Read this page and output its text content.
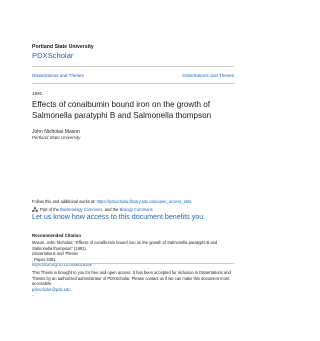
Portland State University
PDXScholar
Dissertations and Theses	Dissertations and Theses
1991
Effects of conalbumin bound iron on the growth of
Salmonella paratyphi B and Salmonella thompson
John Nicholas Mason
Portland State University
Follow this and additional works at: https://pdxscholar.library.pdx.edu/open_access_etds
Part of the Bacteriology Commons, and the Biology Commons
Let us know how access to this document benefits you.
Recommended Citation
Mason, John Nicholas, "Effects of conalbumin bound iron on the growth of Salmonella paratyphi B and
Salmonella thompson" (1991).
Dissertations and Theses
. Paper 4381.
https://doi.org/10.15760/etd.6265
This Thesis is brought to you for free and open access. It has been accepted for inclusion in Dissertations and
Theses by an authorized administrator of PDXScholar. Please contact us if we can make this document more
accessible:
pdxscholar@pdx.edu
.
